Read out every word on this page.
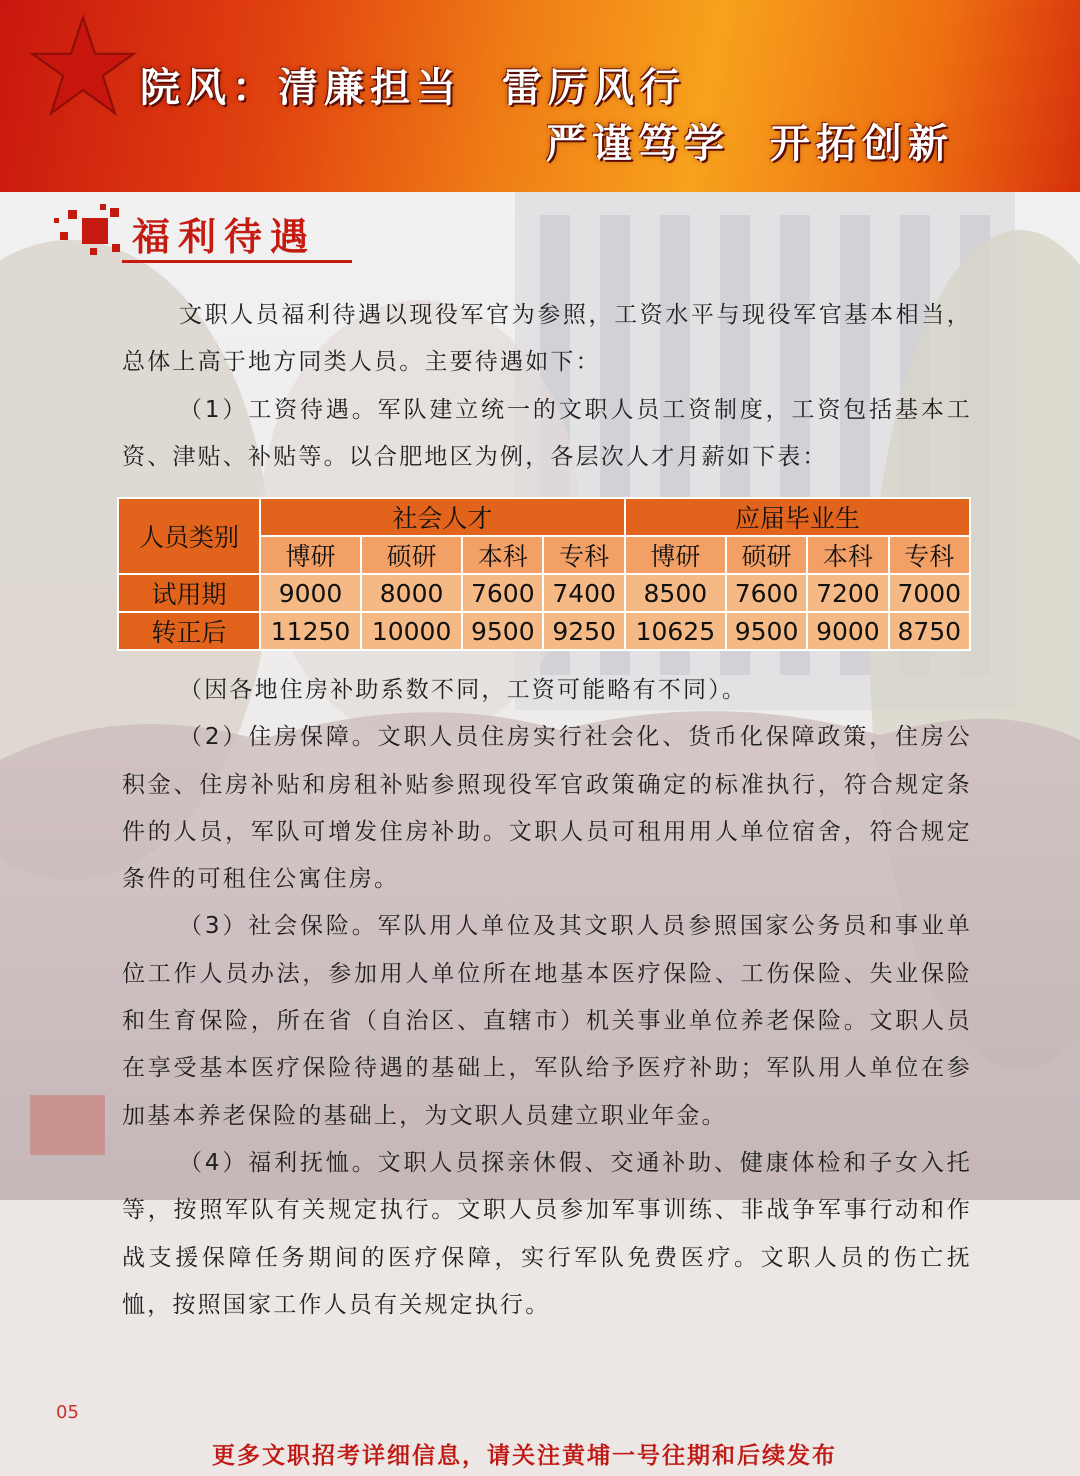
院风：清廉担当  雷厉风行
严谨笃学  开拓创新
福利待遇

文职人员福利待遇以现役军官为参照，工资水平与现役军官基本相当，总体上高于地方同类人员。主要待遇如下：

（1）工资待遇。军队建立统一的文职人员工资制度，工资包括基本工资、津贴、补贴等。以合肥地区为例，各层次人才月薪如下表：

人员类别	社会人才				应届毕业生			
	博研	硕研	本科	专科	博研	硕研	本科	专科
试用期	9000	8000	7600	7400	8500	7600	7200	7000
转正后	11250	10000	9500	9250	10625	9500	9000	8750

（因各地住房补助系数不同，工资可能略有不同）。

（2）住房保障。文职人员住房实行社会化、货币化保障政策，住房公积金、住房补贴和房租补贴参照现役军官政策确定的标准执行，符合规定条件的人员，军队可增发住房补助。文职人员可租用用人单位宿舍，符合规定条件的可租住公寓住房。

（3）社会保险。军队用人单位及其文职人员参照国家公务员和事业单位工作人员办法，参加用人单位所在地基本医疗保险、工伤保险、失业保险和生育保险，所在省（自治区、直辖市）机关事业单位养老保险。文职人员在享受基本医疗保险待遇的基础上，军队给予医疗补助；军队用人单位在参加基本养老保险的基础上，为文职人员建立职业年金。

（4）福利抚恤。文职人员探亲休假、交通补助、健康体检和子女入托等，按照军队有关规定执行。文职人员参加军事训练、非战争军事行动和作战支援保障任务期间的医疗保障，实行军队免费医疗。文职人员的伤亡抚恤，按照国家工作人员有关规定执行。

05
更多文职招考详细信息，请关注黄埔一号往期和后续发布
